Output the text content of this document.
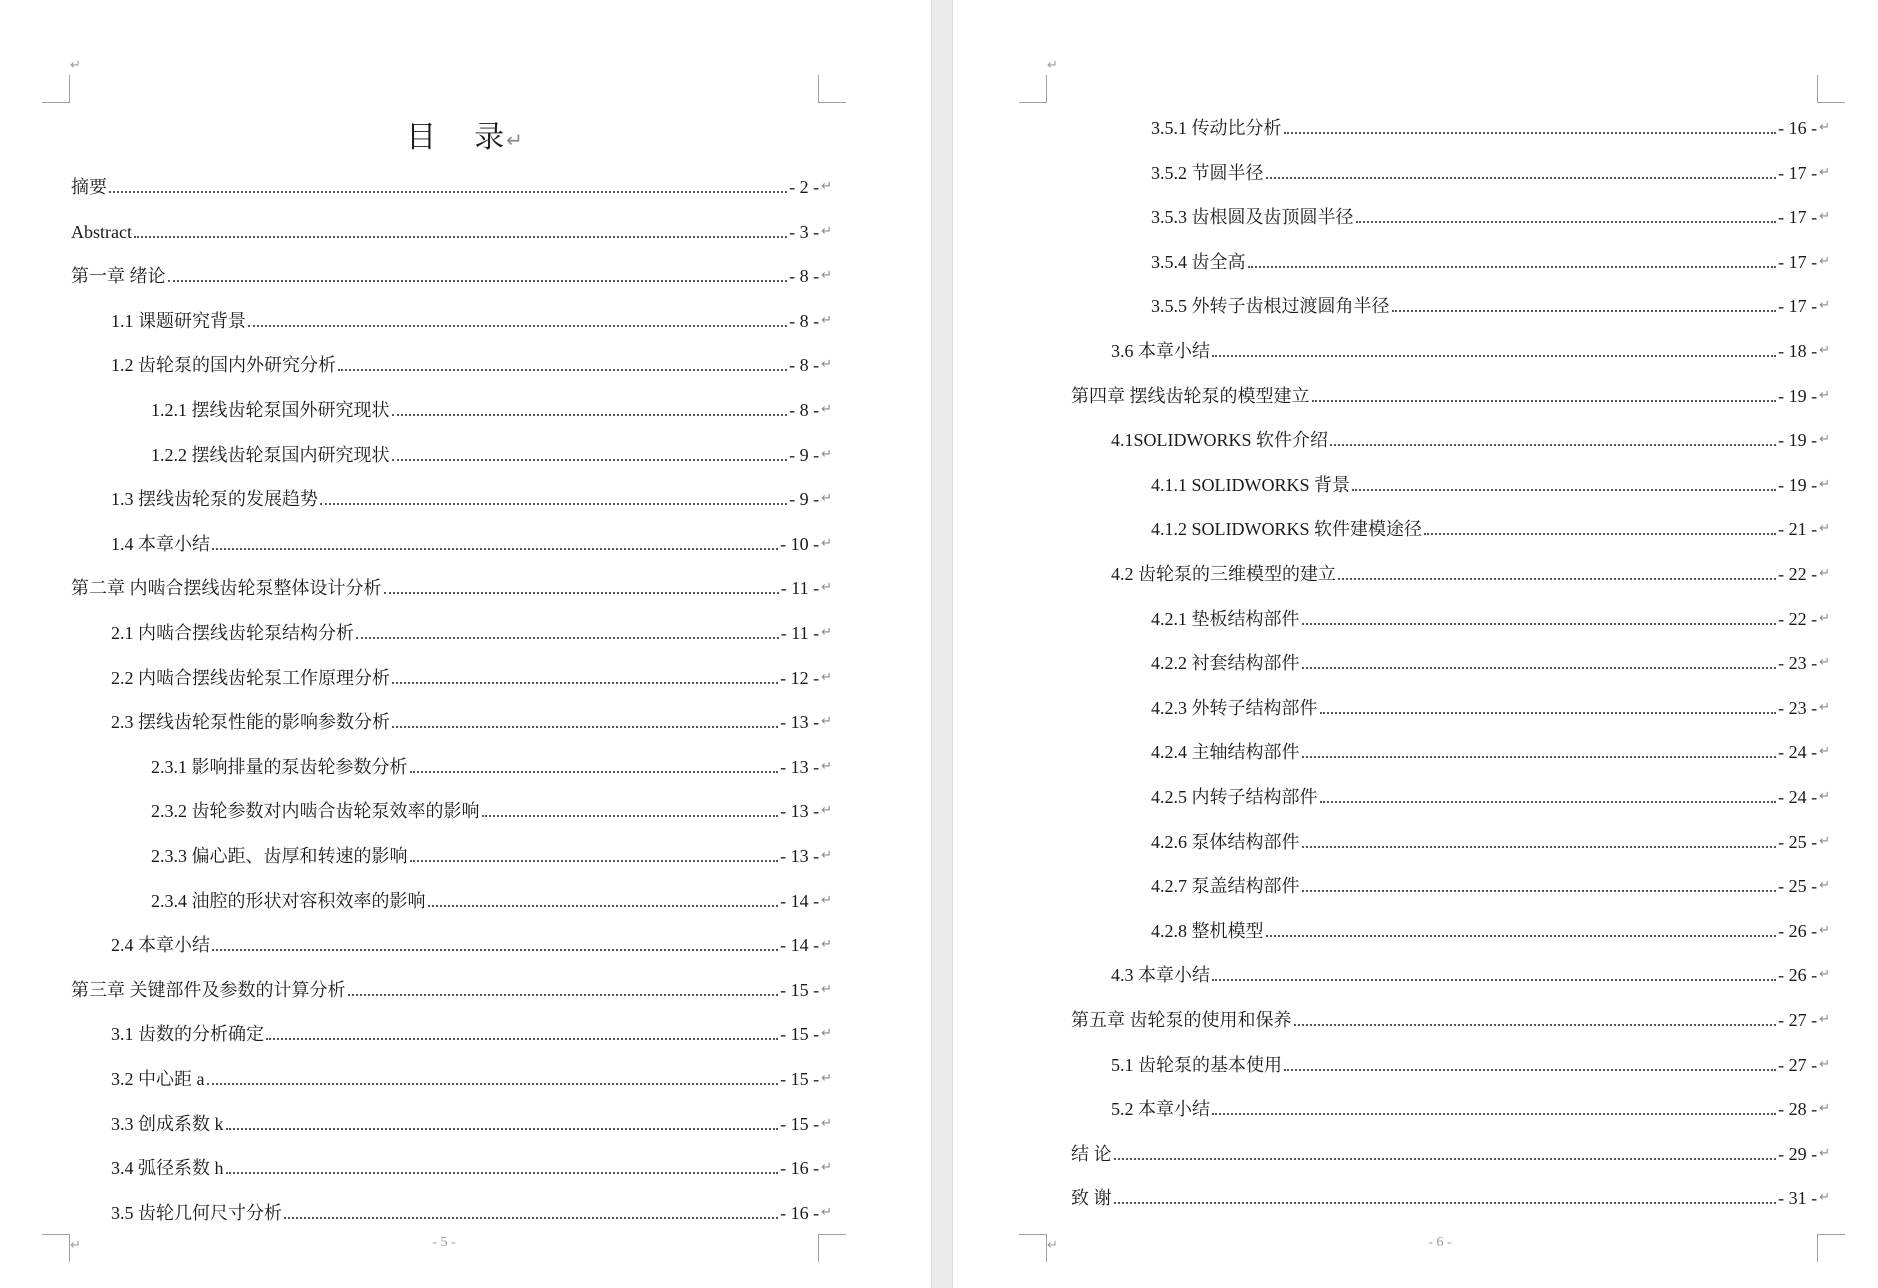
↵
↵
目 录↵
摘要	- 2 - ↵
Abstract	- 3 - ↵
第一章 绪论	- 8 - ↵
1.1 课题研究背景	- 8 - ↵
1.2 齿轮泵的国内外研究分析	- 8 - ↵
1.2.1 摆线齿轮泵国外研究现状	- 8 - ↵
1.2.2 摆线齿轮泵国内研究现状	- 9 - ↵
1.3 摆线齿轮泵的发展趋势	- 9 - ↵
1.4 本章小结	- 10 - ↵
第二章 内啮合摆线齿轮泵整体设计分析	- 11 - ↵
2.1 内啮合摆线齿轮泵结构分析	- 11 - ↵
2.2 内啮合摆线齿轮泵工作原理分析	- 12 - ↵
2.3 摆线齿轮泵性能的影响参数分析	- 13 - ↵
2.3.1 影响排量的泵齿轮参数分析	- 13 - ↵
2.3.2 齿轮参数对内啮合齿轮泵效率的影响	- 13 - ↵
2.3.3 偏心距、齿厚和转速的影响	- 13 - ↵
2.3.4 油腔的形状对容积效率的影响	- 14 - ↵
2.4 本章小结	- 14 - ↵
第三章 关键部件及参数的计算分析	- 15 - ↵
3.1 齿数的分析确定	- 15 - ↵
3.2 中心距 a	- 15 - ↵
3.3 创成系数 k	- 15 - ↵
3.4 弧径系数 h	- 16 - ↵
3.5 齿轮几何尺寸分析	- 16 - ↵
- 5 -
↵
↵
3.5.1 传动比分析	- 16 - ↵
3.5.2 节圆半径	- 17 - ↵
3.5.3 齿根圆及齿顶圆半径	- 17 - ↵
3.5.4 齿全高	- 17 - ↵
3.5.5 外转子齿根过渡圆角半径	- 17 - ↵
3.6 本章小结	- 18 - ↵
第四章 摆线齿轮泵的模型建立	- 19 - ↵
4.1SOLIDWORKS 软件介绍	- 19 - ↵
4.1.1 SOLIDWORKS 背景	- 19 - ↵
4.1.2 SOLIDWORKS 软件建模途径	- 21 - ↵
4.2 齿轮泵的三维模型的建立	- 22 - ↵
4.2.1 垫板结构部件	- 22 - ↵
4.2.2 衬套结构部件	- 23 - ↵
4.2.3 外转子结构部件	- 23 - ↵
4.2.4 主轴结构部件	- 24 - ↵
4.2.5 内转子结构部件	- 24 - ↵
4.2.6 泵体结构部件	- 25 - ↵
4.2.7 泵盖结构部件	- 25 - ↵
4.2.8 整机模型	- 26 - ↵
4.3 本章小结	- 26 - ↵
第五章 齿轮泵的使用和保养	- 27 - ↵
5.1 齿轮泵的基本使用	- 27 - ↵
5.2 本章小结	- 28 - ↵
结 论	- 29 - ↵
致 谢	- 31 - ↵
- 6 -
